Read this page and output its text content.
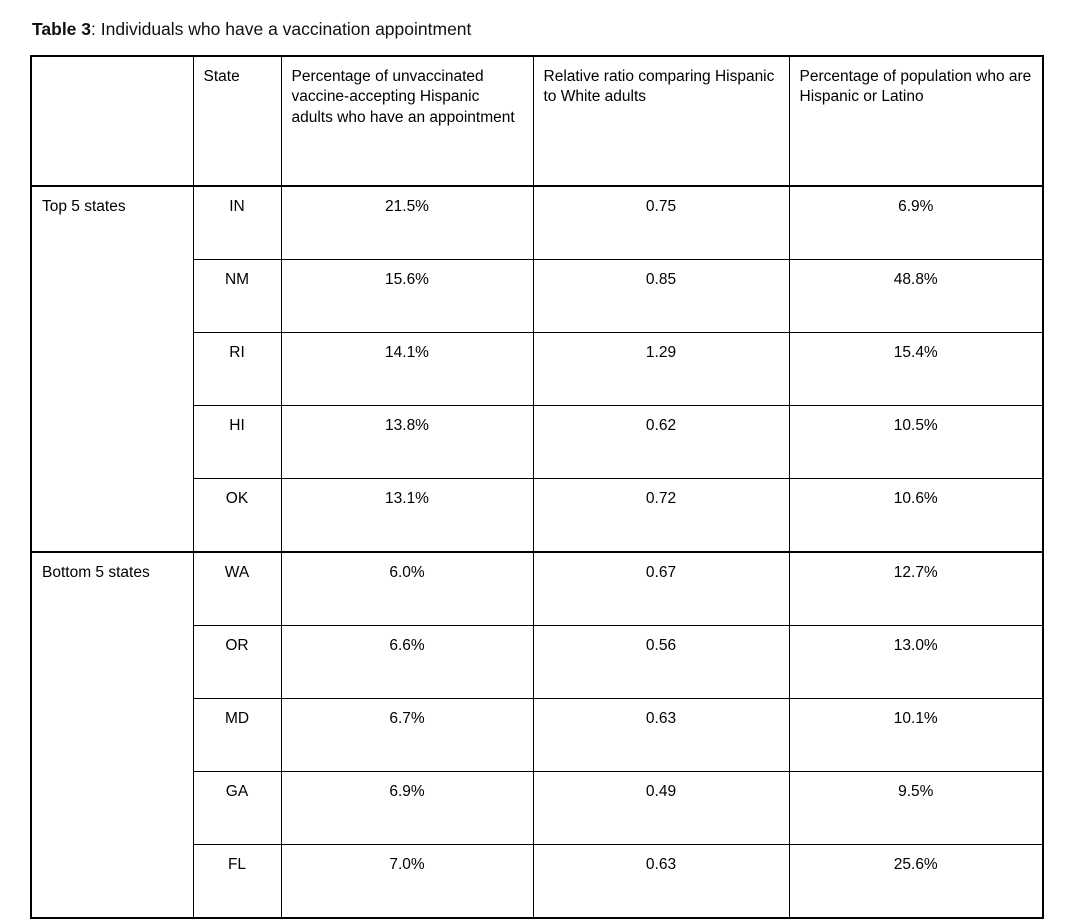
Table 3: Individuals who have a vaccination appointment
	State	Percentage of unvaccinated vaccine-accepting Hispanic adults who have an appointment	Relative ratio comparing Hispanic to White adults	Percentage of population who are Hispanic or Latino
Top 5 states	IN	21.5%	0.75	6.9%
	NM	15.6%	0.85	48.8%
	RI	14.1%	1.29	15.4%
	HI	13.8%	0.62	10.5%
	OK	13.1%	0.72	10.6%
Bottom 5 states	WA	6.0%	0.67	12.7%
	OR	6.6%	0.56	13.0%
	MD	6.7%	0.63	10.1%
	GA	6.9%	0.49	9.5%
	FL	7.0%	0.63	25.6%
